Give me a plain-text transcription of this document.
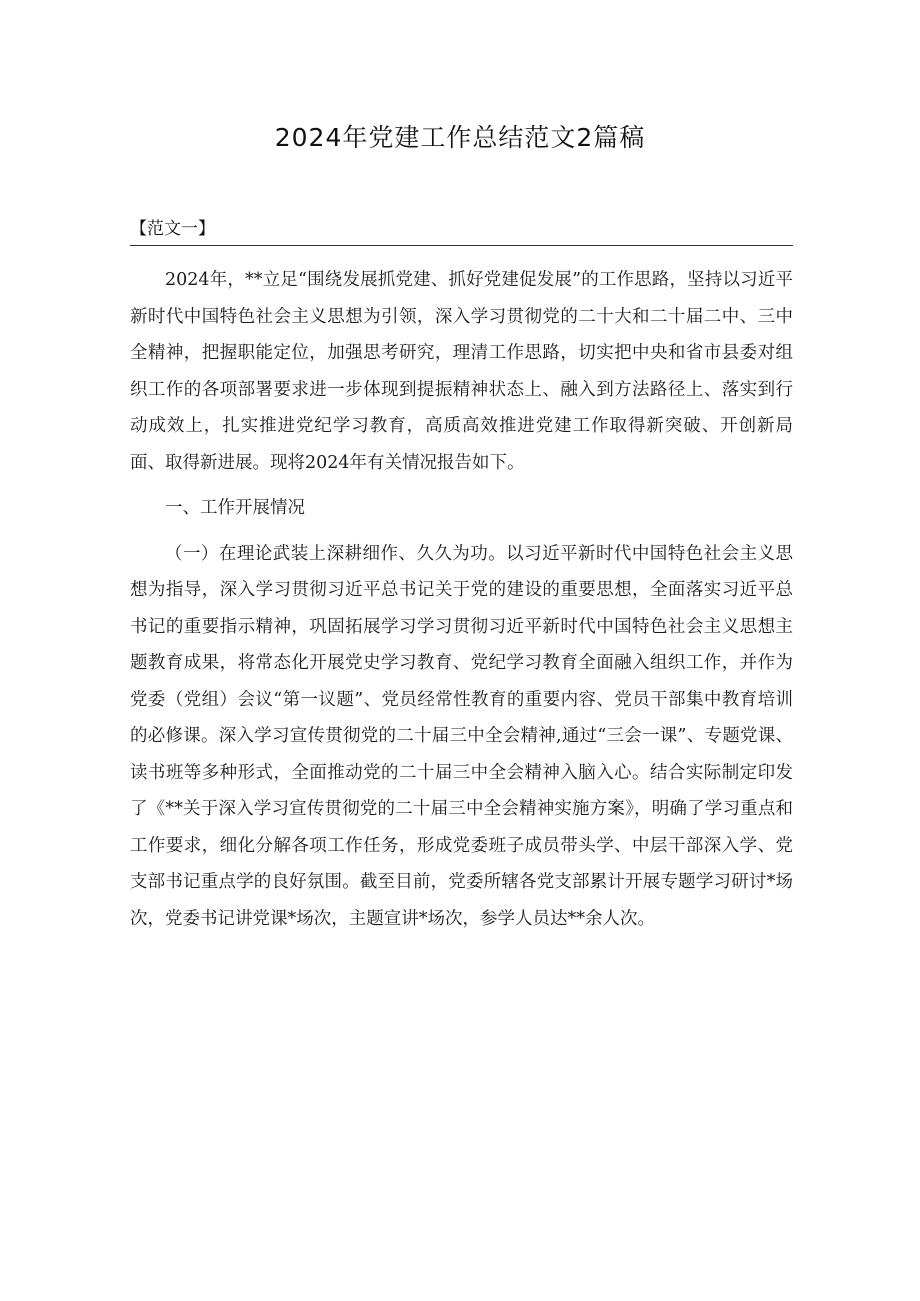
2024年党建工作总结范文2篇稿
【范文一】

2024年，**立足“围绕发展抓党建、抓好党建促发展”的工作思路，坚持以习近平新时代中国特色社会主义思想为引领，深入学习贯彻党的二十大和二十届二中、三中全精神，把握职能定位，加强思考研究，理清工作思路，切实把中央和省市县委对组织工作的各项部署要求进一步体现到提振精神状态上、融入到方法路径上、落实到行动成效上，扎实推进党纪学习教育，高质高效推进党建工作取得新突破、开创新局面、取得新进展。现将2024年有关情况报告如下。

一、工作开展情况

（一）在理论武装上深耕细作、久久为功。以习近平新时代中国特色社会主义思想为指导，深入学习贯彻习近平总书记关于党的建设的重要思想，全面落实习近平总书记的重要指示精神，巩固拓展学习学习贯彻习近平新时代中国特色社会主义思想主题教育成果，将常态化开展党史学习教育、党纪学习教育全面融入组织工作，并作为党委（党组）会议“第一议题”、党员经常性教育的重要内容、党员干部集中教育培训的必修课。深入学习宣传贯彻党的二十届三中全会精神,通过“三会一课”、专题党课、读书班等多种形式，全面推动党的二十届三中全会精神入脑入心。结合实际制定印发了《**关于深入学习宣传贯彻党的二十届三中全会精神实施方案》，明确了学习重点和工作要求，细化分解各项工作任务，形成党委班子成员带头学、中层干部深入学、党支部书记重点学的良好氛围。截至目前，党委所辖各党支部累计开展专题学习研讨*场次，党委书记讲党课*场次，主题宣讲*场次，参学人员达**余人次。
